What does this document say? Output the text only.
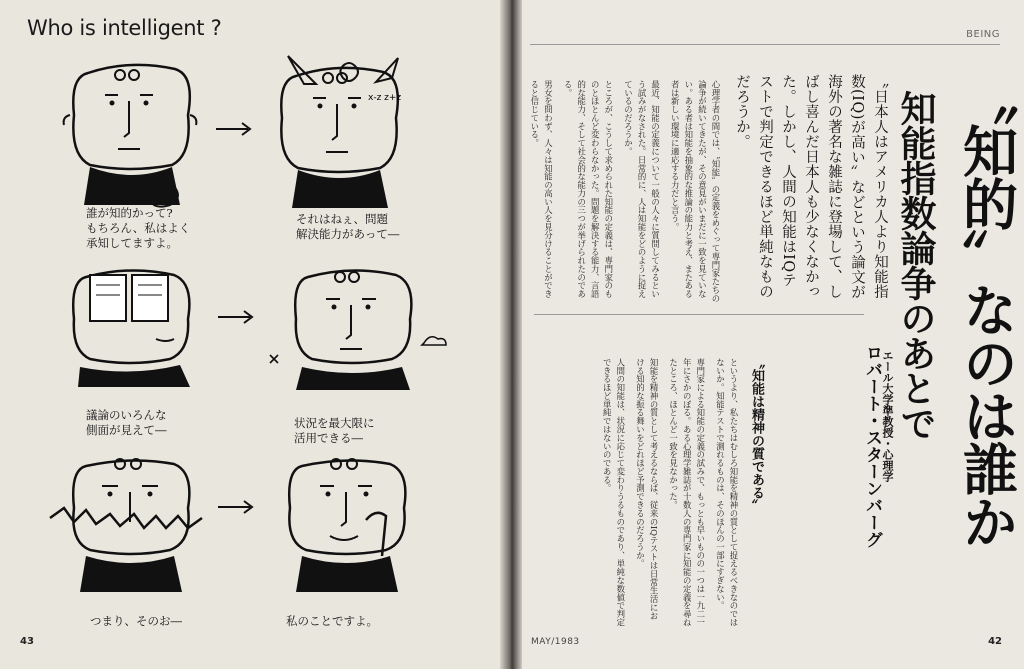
Who is intelligent ?
x-z z+z
誰が知的かって?
もちろん、私はよく
承知してますよ。
それはねぇ、問題
解決能力があって―
議論のいろんな
側面が見えて―	状況を最大限に
活用できる―
つまり、そのお―	私のことですよ。
43
BEING
〝知的〟なのは誰か
知能指数論争のあとで
エール大学準教授・心理学
ロバート・スターンバーグ
〝日本人はアメリカ人より知能指数(IQ)が高い〟などという論文が海外の著名な雑誌に登場して、しばし喜んだ日本人も少なくなかった。しかし、人間の知能はIQテストで判定できるほど単純なものだろうか。

心理学者の間では、〝知能〟の定義をめぐって専門家たちの論争が続いてきたが、その意見がいまだに一致を見ていない。ある者は知能を抽象的な推論の能力と考え、またある者は新しい環境に適応する力だと言う。

最近、知能の定義について一般の人々に質問してみるという試みがなされた。日常的に、人は知能をどのように捉えているのだろうか。

ところが、こうして求められた知能の定義は、専門家のものとほとんど変わらなかった。問題を解決する能力、言語的な能力、そして社会的な能力の三つが挙げられたのである。

男女を問わず、人々は知能の高い人を見分けることができると信じている。

〝知能は精神の質である〟

というより、私たちはむしろ知能を精神の質として捉えるべきなのではないか。知能テストで測れるものは、そのほんの一部にすぎない。

専門家による知能の定義の試みで、もっとも早いものの一つは一九二一年にさかのぼる。ある心理学雑誌が十数人の専門家に知能の定義を尋ねたところ、ほとんど一致を見なかった。

知能を精神の質として考えるならば、従来のIQテストは日常生活における知的な振る舞いをどれほど予測できるのだろうか。

人間の知能は、状況に応じて変わりうるものであり、単純な数値で判定できるほど単純ではないのである。

MAY/1983	42
